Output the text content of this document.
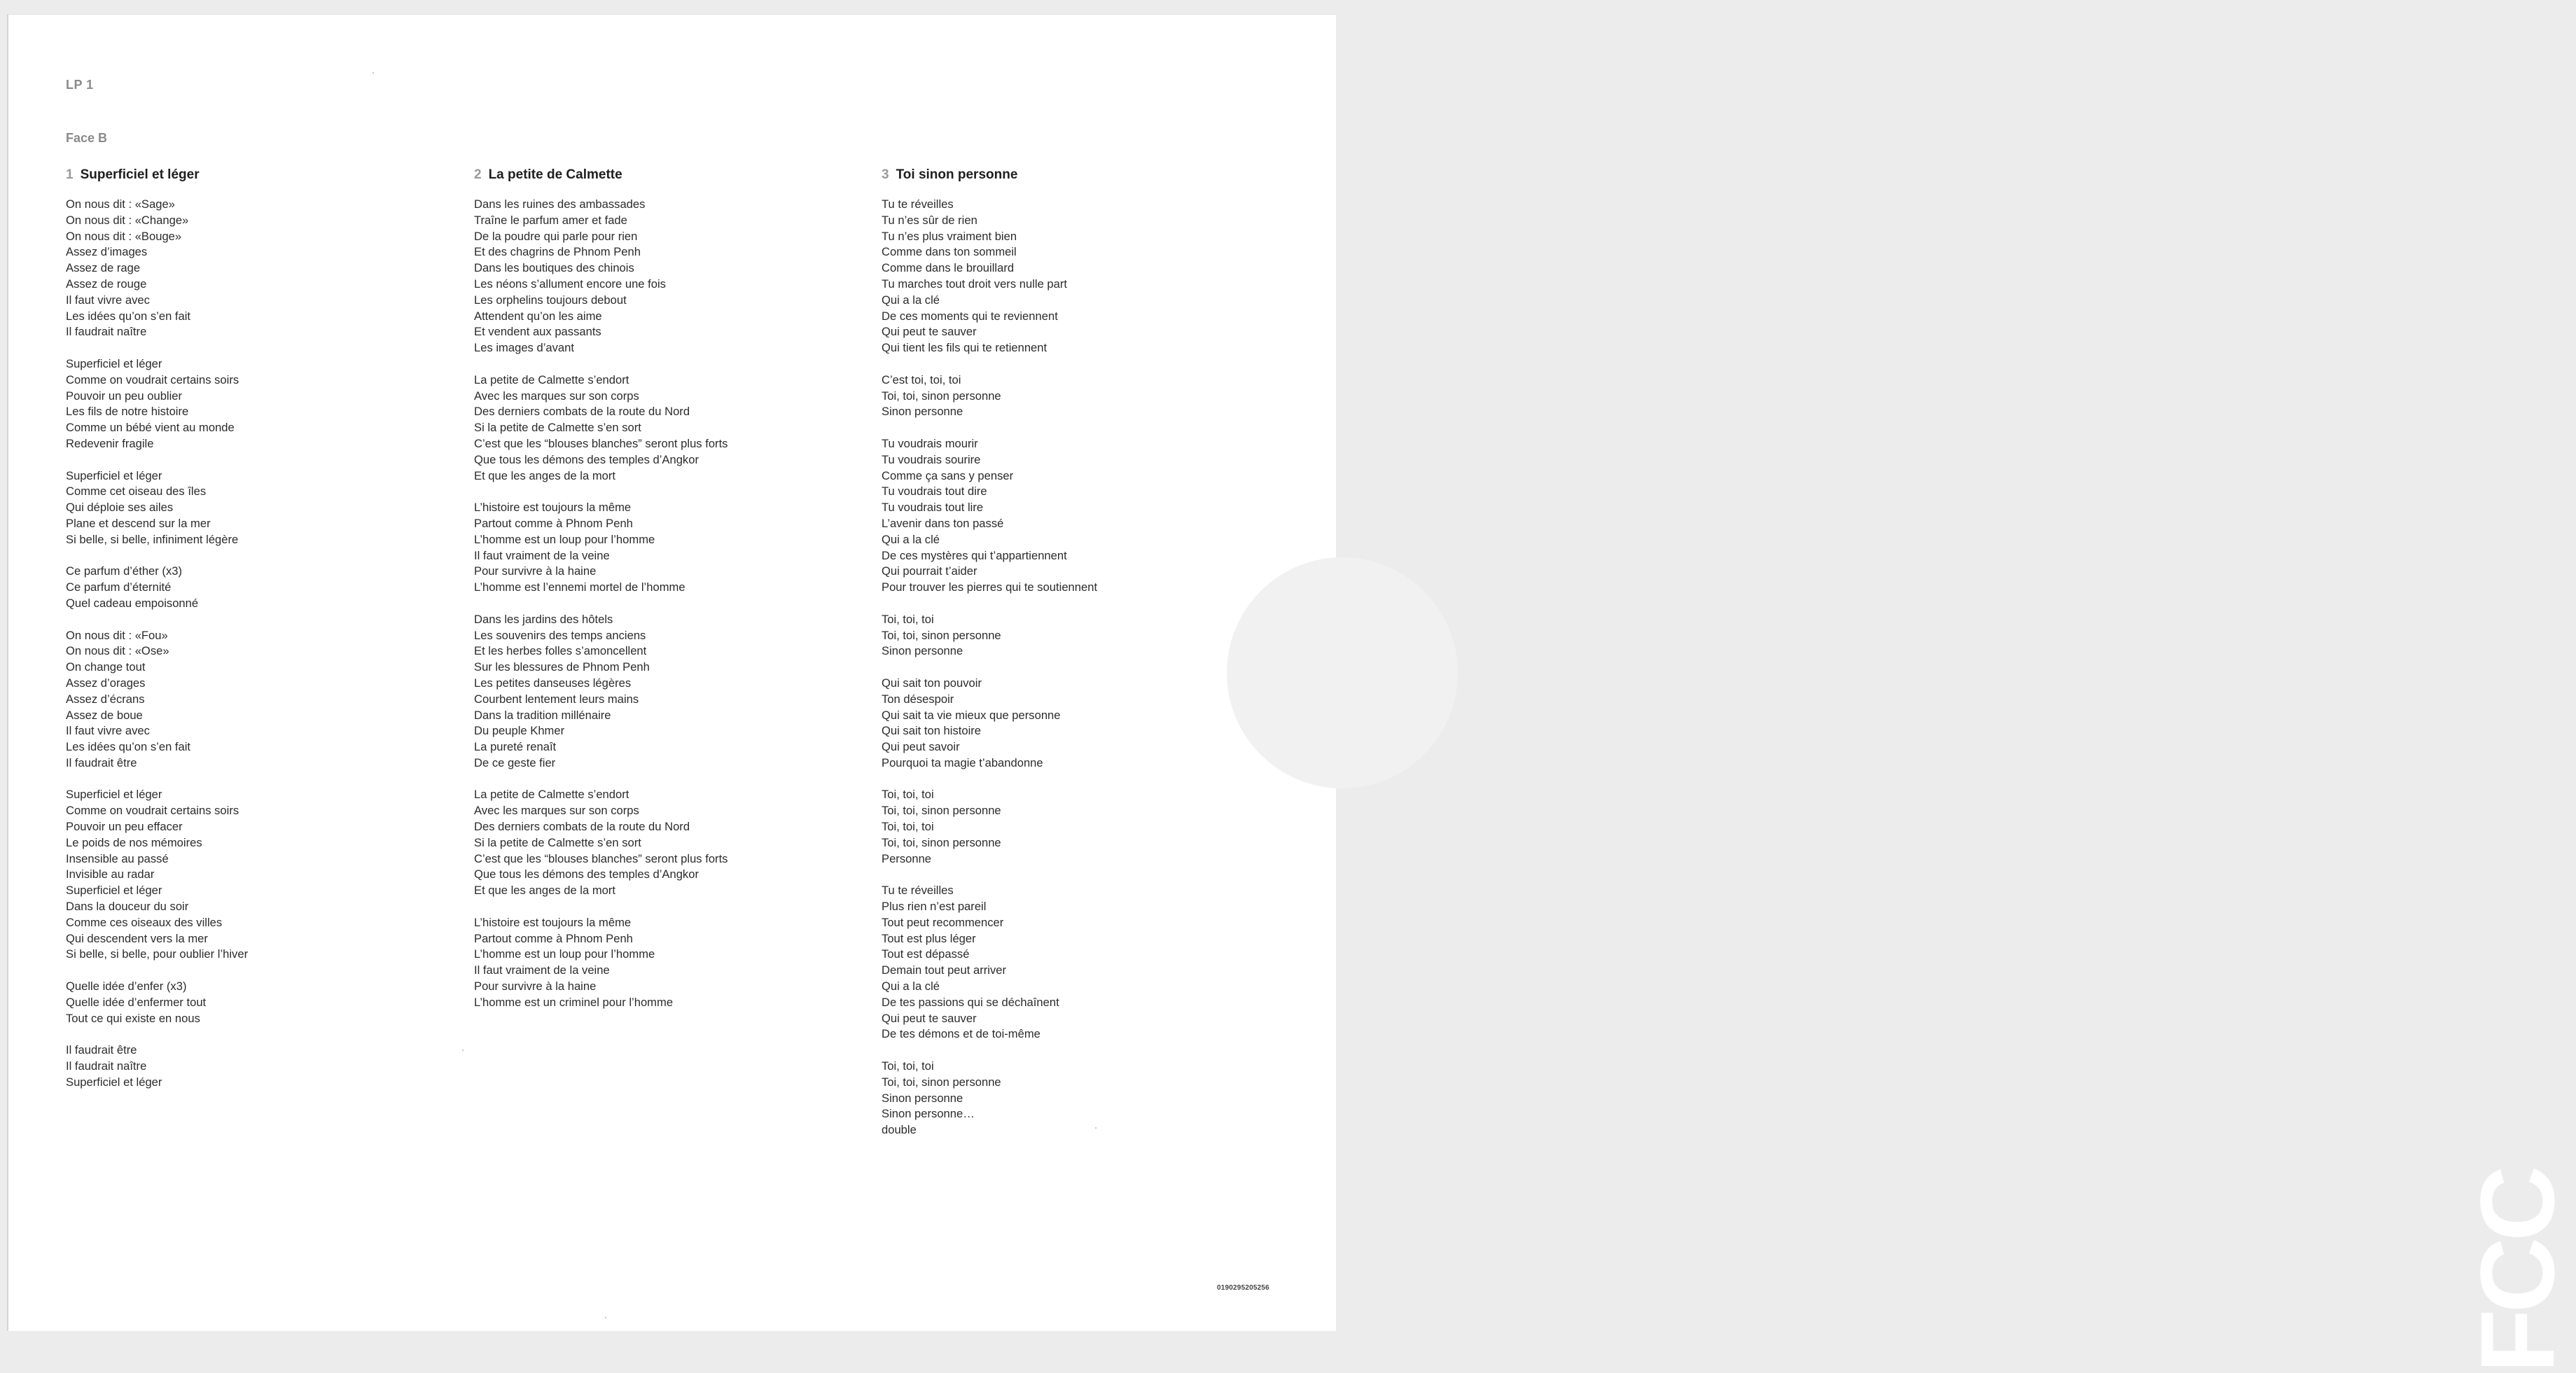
LP 1
Face B
1 Superficiel et léger
On nous dit : «Sage»
On nous dit : «Change»
On nous dit : «Bouge»
Assez d’images
Assez de rage
Assez de rouge
Il faut vivre avec
Les idées qu’on s’en fait
Il faudrait naître
Superficiel et léger
Comme on voudrait certains soirs
Pouvoir un peu oublier
Les fils de notre histoire
Comme un bébé vient au monde
Redevenir fragile
Superficiel et léger
Comme cet oiseau des îles
Qui déploie ses ailes
Plane et descend sur la mer
Si belle, si belle, infiniment légère
Ce parfum d’éther (x3)
Ce parfum d’éternité
Quel cadeau empoisonné
On nous dit : «Fou»
On nous dit : «Ose»
On change tout
Assez d’orages
Assez d’écrans
Assez de boue
Il faut vivre avec
Les idées qu’on s’en fait
Il faudrait être
Superficiel et léger
Comme on voudrait certains soirs
Pouvoir un peu effacer
Le poids de nos mémoires
Insensible au passé
Invisible au radar
Superficiel et léger
Dans la douceur du soir
Comme ces oiseaux des villes
Qui descendent vers la mer
Si belle, si belle, pour oublier l’hiver
Quelle idée d’enfer (x3)
Quelle idée d’enfermer tout
Tout ce qui existe en nous
Il faudrait être
Il faudrait naître
Superficiel et léger
2 La petite de Calmette
Dans les ruines des ambassades
Traîne le parfum amer et fade
De la poudre qui parle pour rien
Et des chagrins de Phnom Penh
Dans les boutiques des chinois
Les néons s’allument encore une fois
Les orphelins toujours debout
Attendent qu’on les aime
Et vendent aux passants
Les images d’avant
La petite de Calmette s’endort
Avec les marques sur son corps
Des derniers combats de la route du Nord
Si la petite de Calmette s’en sort
C’est que les “blouses blanches” seront plus forts
Que tous les démons des temples d’Angkor
Et que les anges de la mort
L’histoire est toujours la même
Partout comme à Phnom Penh
L’homme est un loup pour l’homme
Il faut vraiment de la veine
Pour survivre à la haine
L’homme est l’ennemi mortel de l’homme
Dans les jardins des hôtels
Les souvenirs des temps anciens
Et les herbes folles s’amoncellent
Sur les blessures de Phnom Penh
Les petites danseuses légères
Courbent lentement leurs mains
Dans la tradition millénaire
Du peuple Khmer
La pureté renaît
De ce geste fier
La petite de Calmette s’endort
Avec les marques sur son corps
Des derniers combats de la route du Nord
Si la petite de Calmette s’en sort
C’est que les “blouses blanches” seront plus forts
Que tous les démons des temples d’Angkor
Et que les anges de la mort
L’histoire est toujours la même
Partout comme à Phnom Penh
L’homme est un loup pour l’homme
Il faut vraiment de la veine
Pour survivre à la haine
L’homme est un criminel pour l’homme
3 Toi sinon personne
Tu te réveilles
Tu n’es sûr de rien
Tu n’es plus vraiment bien
Comme dans ton sommeil
Comme dans le brouillard
Tu marches tout droit vers nulle part
Qui a la clé
De ces moments qui te reviennent
Qui peut te sauver
Qui tient les fils qui te retiennent
C’est toi, toi, toi
Toi, toi, sinon personne
Sinon personne
Tu voudrais mourir
Tu voudrais sourire
Comme ça sans y penser
Tu voudrais tout dire
Tu voudrais tout lire
L’avenir dans ton passé
Qui a la clé
De ces mystères qui t’appartiennent
Qui pourrait t’aider
Pour trouver les pierres qui te soutiennent
Toi, toi, toi
Toi, toi, sinon personne
Sinon personne
Qui sait ton pouvoir
Ton désespoir
Qui sait ta vie mieux que personne
Qui sait ton histoire
Qui peut savoir
Pourquoi ta magie t’abandonne
Toi, toi, toi
Toi, toi, sinon personne
Toi, toi, toi
Toi, toi, sinon personne
Personne
Tu te réveilles
Plus rien n’est pareil
Tout peut recommencer
Tout est plus léger
Tout est dépassé
Demain tout peut arriver
Qui a la clé
De tes passions qui se déchaînent
Qui peut te sauver
De tes démons et de toi-même
Toi, toi, toi
Toi, toi, sinon personne
Sinon personne
Sinon personne…
double
FCC
0190295205256
